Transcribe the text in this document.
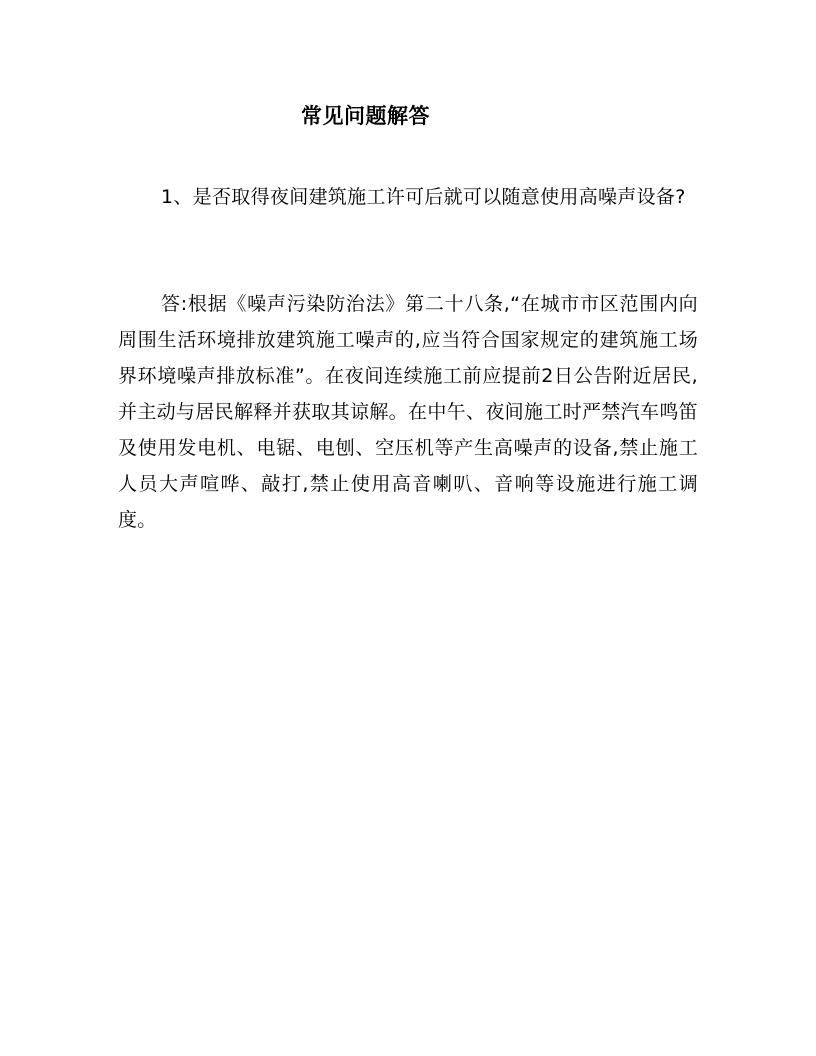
常见问题解答

1、是否取得夜间建筑施工许可后就可以随意使用高噪声设备?

答:根据《噪声污染防治法》第二十八条,“在城市市区范围内向周围生活环境排放建筑施工噪声的,应当符合国家规定的建筑施工场界环境噪声排放标准”。在夜间连续施工前应提前2日公告附近居民,并主动与居民解释并获取其谅解。在中午、夜间施工时严禁汽车鸣笛及使用发电机、电锯、电刨、空压机等产生高噪声的设备,禁止施工人员大声喧哗、敲打,禁止使用高音喇叭、音响等设施进行施工调度。
